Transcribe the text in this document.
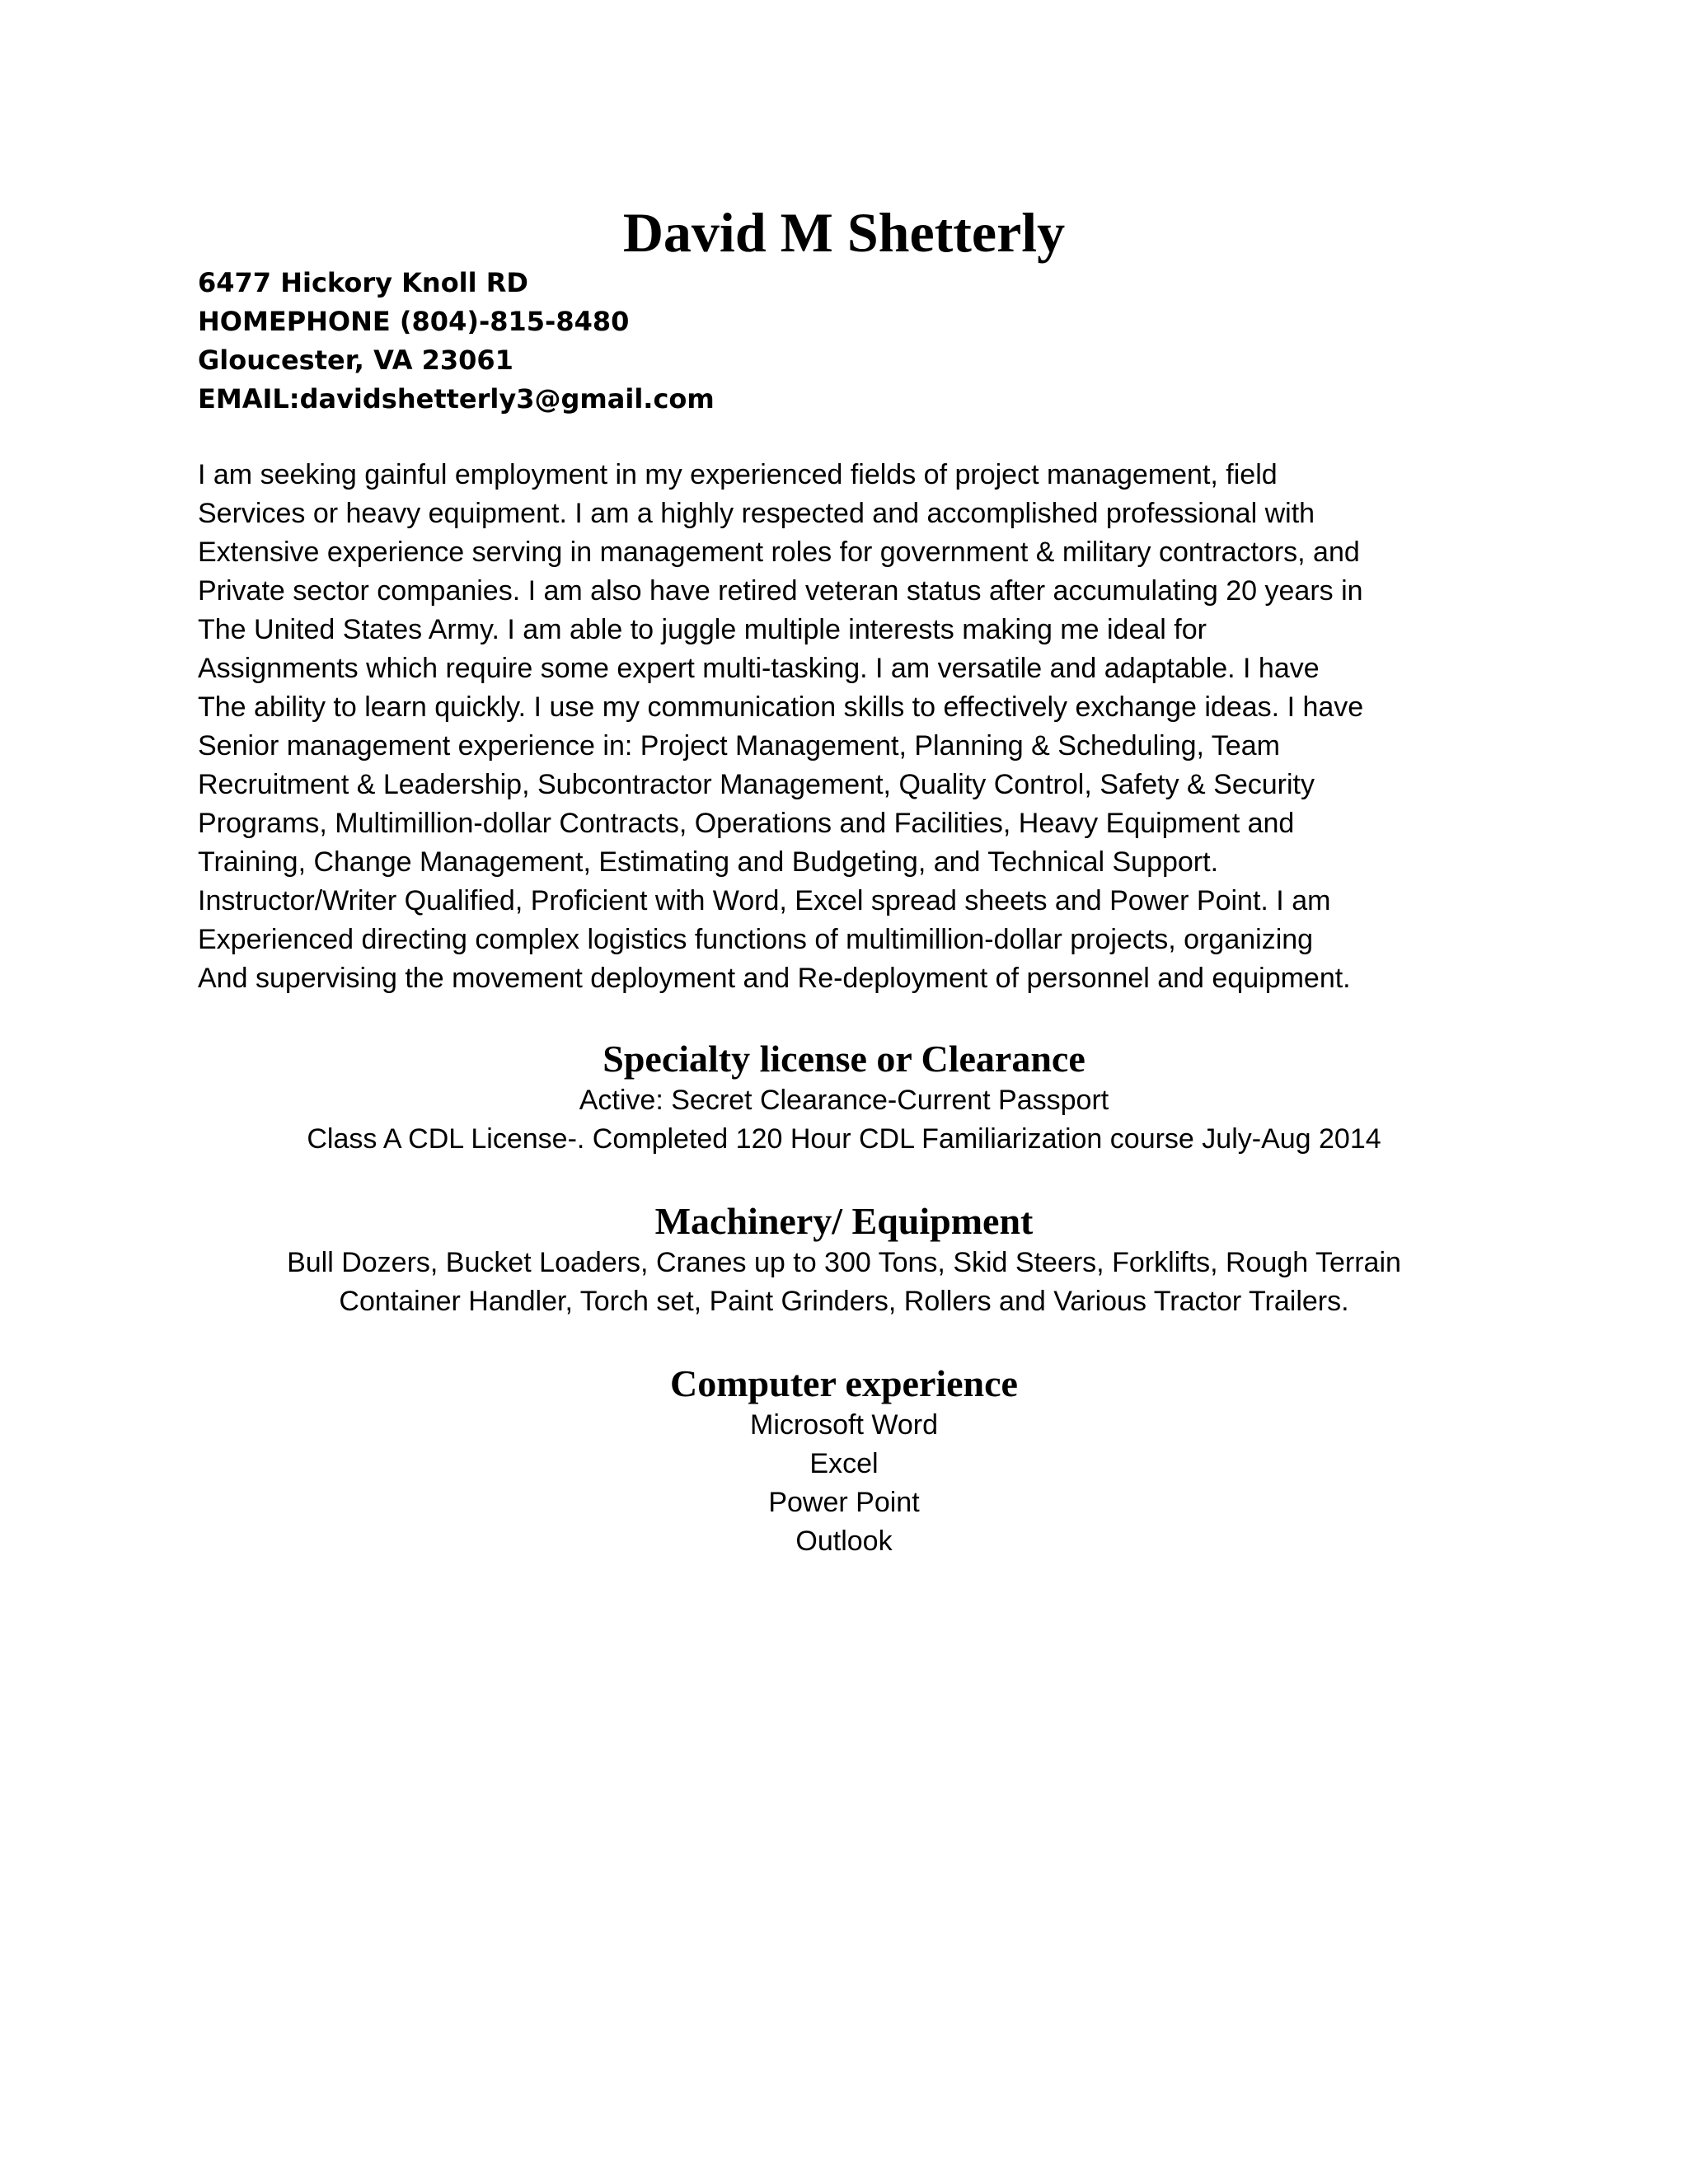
David M Shetterly
6477 Hickory Knoll RD
HOMEPHONE (804)-815-8480
Gloucester, VA 23061
EMAIL:davidshetterly3@gmail.com
I am seeking gainful employment in my experienced fields of project management, field
Services or heavy equipment. I am a highly respected and accomplished professional with
Extensive experience serving in management roles for government & military contractors, and
Private sector companies. I am also have retired veteran status after accumulating 20 years in
The United States Army. I am able to juggle multiple interests making me ideal for
Assignments which require some expert multi-tasking. I am versatile and adaptable. I have
The ability to learn quickly. I use my communication skills to effectively exchange ideas. I have
Senior management experience in: Project Management, Planning & Scheduling, Team
Recruitment & Leadership, Subcontractor Management, Quality Control, Safety & Security
Programs, Multimillion-dollar Contracts, Operations and Facilities, Heavy Equipment and
Training, Change Management, Estimating and Budgeting, and Technical Support.
Instructor/Writer Qualified, Proficient with Word, Excel spread sheets and Power Point. I am
Experienced directing complex logistics functions of multimillion-dollar projects, organizing
And supervising the movement deployment and Re-deployment of personnel and equipment.
Specialty license or Clearance
Active: Secret Clearance-Current Passport
Class A CDL License-. Completed 120 Hour CDL Familiarization course July-Aug 2014
Machinery/ Equipment
Bull Dozers, Bucket Loaders, Cranes up to 300 Tons, Skid Steers, Forklifts, Rough Terrain
Container Handler, Torch set, Paint Grinders, Rollers and Various Tractor Trailers.
Computer experience
Microsoft Word
Excel
Power Point
Outlook
